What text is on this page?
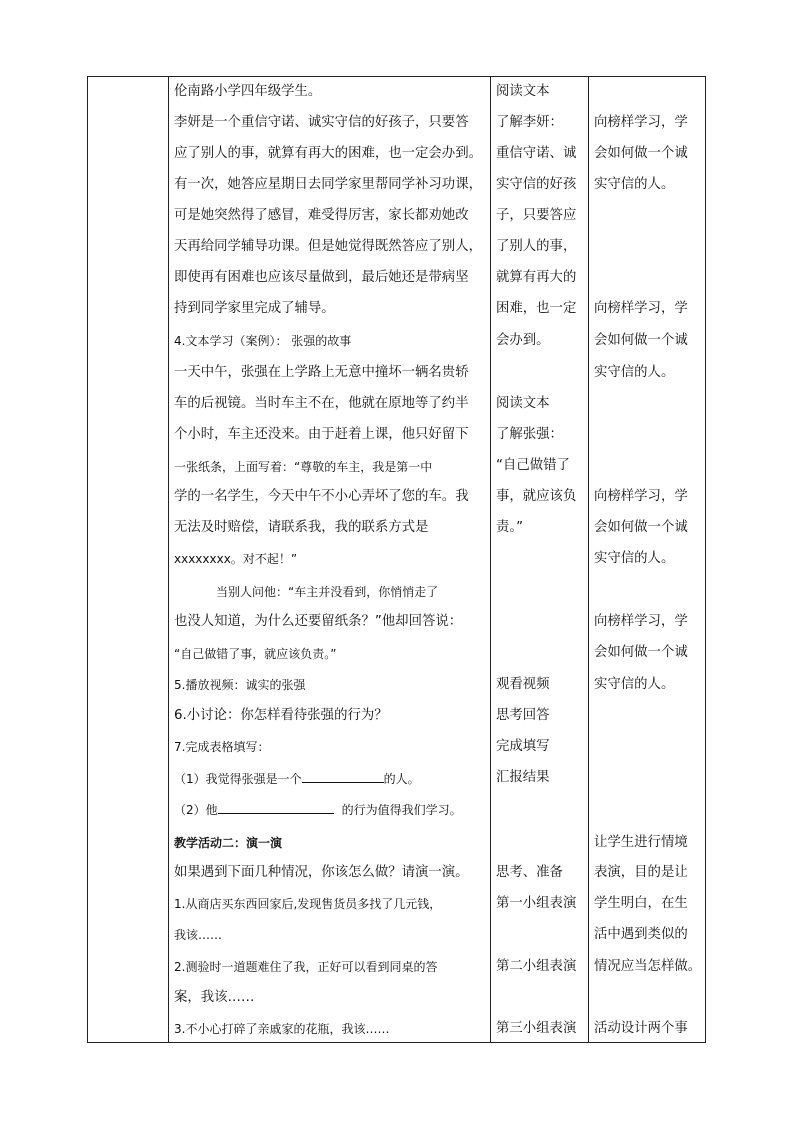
伦南路小学四年级学生。
李妍是一个重信守诺、诚实守信的好孩子，只要答
应了别人的事，就算有再大的困难，也一定会办到。
有一次，她答应星期日去同学家里帮同学补习功课，
可是她突然得了感冒，难受得厉害，家长都劝她改
天再给同学辅导功课。但是她觉得既然答应了别人，
即使再有困难也应该尽量做到，最后她还是带病坚
持到同学家里完成了辅导。
4.文本学习（案例）： 张强的故事
一天中午，张强在上学路上无意中撞坏一辆名贵轿
车的后视镜。当时车主不在，他就在原地等了约半
个小时，车主还没来。由于赶着上课，他只好留下
一张纸条，上面写着：“尊敬的车主，我是第一中
学的一名学生，今天中午不小心弄坏了您的车。我
无法及时赔偿，请联系我，我的联系方式是
xxxxxxxx。对不起！”
当别人问他：“车主并没看到，你悄悄走了
也没人知道，为什么还要留纸条？”他却回答说：
“自己做错了事，就应该负责。”
5.播放视频：诚实的张强
6.小讨论：你怎样看待张强的行为？
7.完成表格填写：
（1）我觉得张强是一个	的人。
（2）他	的行为值得我们学习。
教学活动二：演一演
如果遇到下面几种情况，你该怎么做？请演一演。
1.从商店买东西回家后,发现售货员多找了几元钱，
我该……
2.测验时一道题难住了我，正好可以看到同桌的答
案，我该……
3.不小心打碎了亲戚家的花瓶，我该……
阅读文本
了解李妍：
重信守诺、诚
实守信的好孩
子，只要答应
了别人的事，
就算有再大的
困难，也一定
会办到。
阅读文本
了解张强：
“自己做错了
事，就应该负
责。”
观看视频
思考回答
完成填写
汇报结果
思考、准备
第一小组表演
第二小组表演
第三小组表演
向榜样学习，学
会如何做一个诚
实守信的人。
向榜样学习，学
会如何做一个诚
实守信的人。
向榜样学习，学
会如何做一个诚
实守信的人。
向榜样学习，学
会如何做一个诚
实守信的人。
让学生进行情境
表演，目的是让
学生明白，在生
活中遇到类似的
情况应当怎样做。
活动设计两个事
